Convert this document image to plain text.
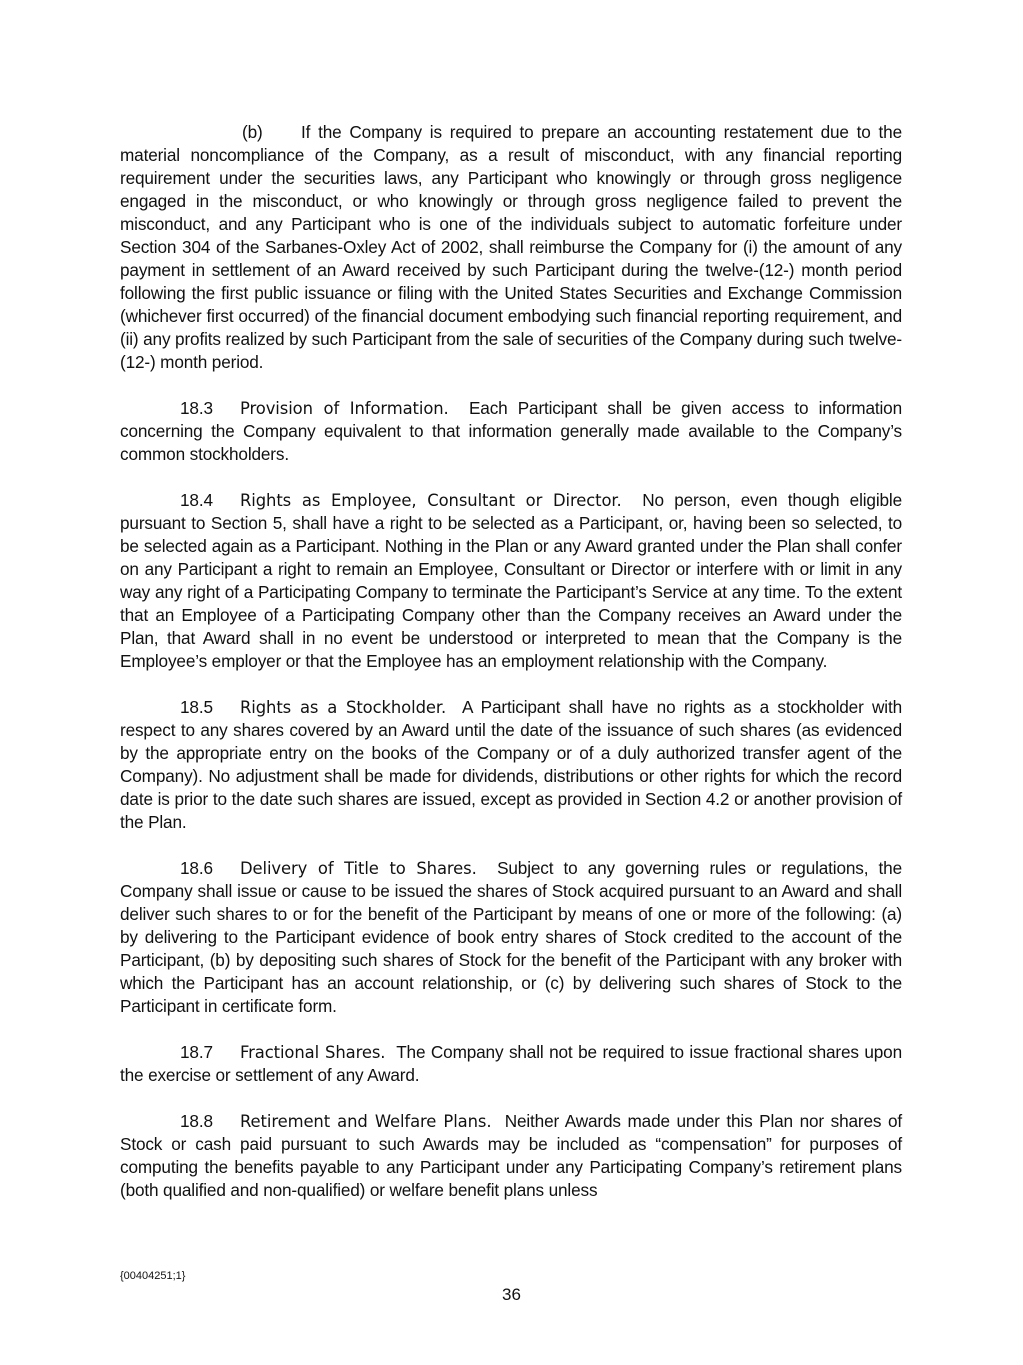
(b) If the Company is required to prepare an accounting restatement due to the material noncompliance of the Company, as a result of misconduct, with any financial reporting requirement under the securities laws, any Participant who knowingly or through gross negligence engaged in the misconduct, or who knowingly or through gross negligence failed to prevent the misconduct, and any Participant who is one of the individuals subject to automatic forfeiture under Section 304 of the Sarbanes-Oxley Act of 2002, shall reimburse the Company for (i) the amount of any payment in settlement of an Award received by such Participant during the twelve-(12-) month period following the first public issuance or filing with the United States Securities and Exchange Commission (whichever first occurred) of the financial document embodying such financial reporting requirement, and (ii) any profits realized by such Participant from the sale of securities of the Company during such twelve-(12-) month period.

18.3 Provision of Information. Each Participant shall be given access to information concerning the Company equivalent to that information generally made available to the Company’s common stockholders.

18.4 Rights as Employee, Consultant or Director. No person, even though eligible pursuant to Section 5, shall have a right to be selected as a Participant, or, having been so selected, to be selected again as a Participant. Nothing in the Plan or any Award granted under the Plan shall confer on any Participant a right to remain an Employee, Consultant or Director or interfere with or limit in any way any right of a Participating Company to terminate the Participant’s Service at any time. To the extent that an Employee of a Participating Company other than the Company receives an Award under the Plan, that Award shall in no event be understood or interpreted to mean that the Company is the Employee’s employer or that the Employee has an employment relationship with the Company.

18.5 Rights as a Stockholder. A Participant shall have no rights as a stockholder with respect to any shares covered by an Award until the date of the issuance of such shares (as evidenced by the appropriate entry on the books of the Company or of a duly authorized transfer agent of the Company). No adjustment shall be made for dividends, distributions or other rights for which the record date is prior to the date such shares are issued, except as provided in Section 4.2 or another provision of the Plan.

18.6 Delivery of Title to Shares. Subject to any governing rules or regulations, the Company shall issue or cause to be issued the shares of Stock acquired pursuant to an Award and shall deliver such shares to or for the benefit of the Participant by means of one or more of the following: (a) by delivering to the Participant evidence of book entry shares of Stock credited to the account of the Participant, (b) by depositing such shares of Stock for the benefit of the Participant with any broker with which the Participant has an account relationship, or (c) by delivering such shares of Stock to the Participant in certificate form.

18.7 Fractional Shares. The Company shall not be required to issue fractional shares upon the exercise or settlement of any Award.

18.8 Retirement and Welfare Plans. Neither Awards made under this Plan nor shares of Stock or cash paid pursuant to such Awards may be included as “compensation” for purposes of computing the benefits payable to any Participant under any Participating Company’s retirement plans (both qualified and non-qualified) or welfare benefit plans unless

{00404251;1}
36
